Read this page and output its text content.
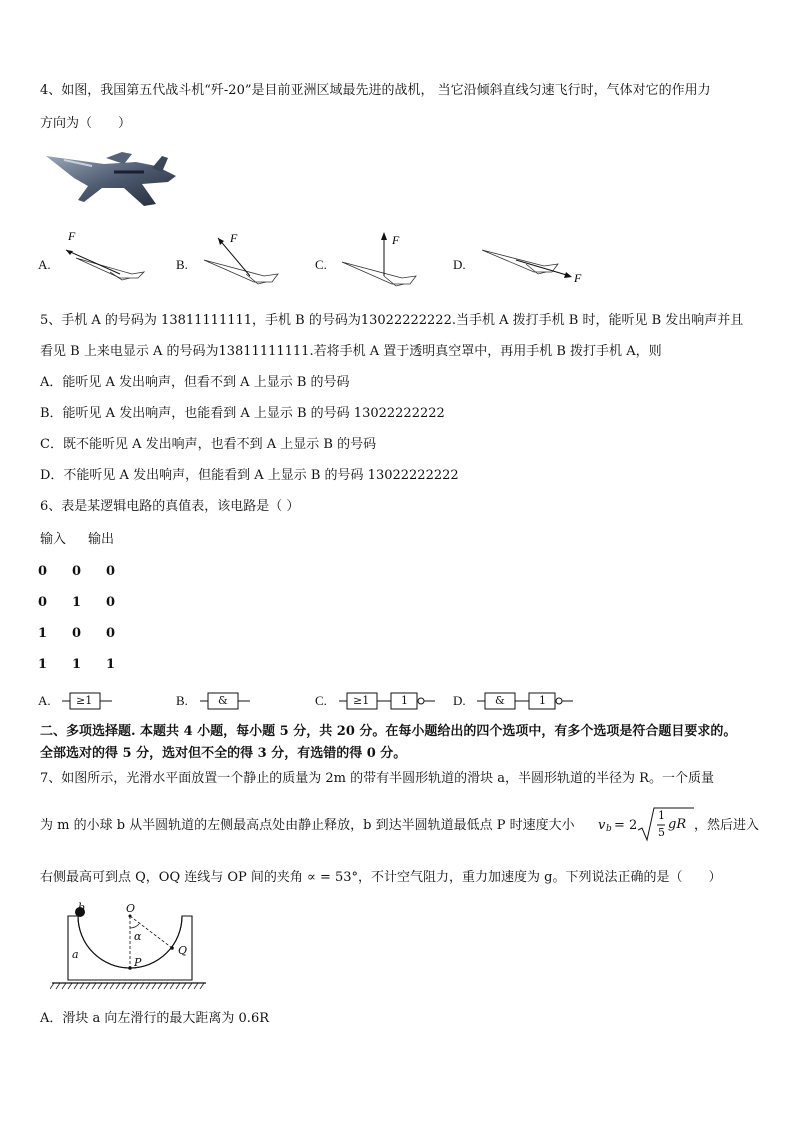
4、如图，我国第五代战斗机“歼-20”是目前亚洲区域最先进的战机， 当它沿倾斜直线匀速飞行时，气体对它的作用力
方向为（　　）
A.
F
B.
F
C.
F
D.
F
5、手机 A 的号码为 13811111111，手机 B 的号码为13022222222.当手机 A 拨打手机 B 时，能听见 B 发出响声并且
看见 B 上来电显示 A 的号码为13811111111.若将手机 A 置于透明真空罩中，再用手机 B 拨打手机 A，则
A．能听见 A 发出响声，但看不到 A 上显示 B 的号码
B．能听见 A 发出响声，也能看到 A 上显示 B 的号码 13022222222
C．既不能听见 A 发出响声，也看不到 A 上显示 B 的号码
D．不能听见 A 发出响声，但能看到 A 上显示 B 的号码 13022222222
6、表是某逻辑电路的真值表，该电路是（ ）
输入 输出
0 0 0
0 1 0
1 0 0
1 1 1
A. ≥1	B.	&	C. ≥1	1	D.	&	1
二、多项选择题. 本题共 4 小题，每小题 5 分，共 20 分。在每小题给出的四个选项中，有多个选项是符合题目要求的。
全部选对的得 5 分，选对但不全的得 3 分，有选错的得 0 分。
7、如图所示，光滑水平面放置一个静止的质量为 2m 的带有半圆形轨道的滑块 a，半圆形轨道的半径为 R。一个质量
为 m 的小球 b 从半圆轨道的左侧最高点处由静止释放，b 到达半圆轨道最低点 P 时速度大小 v b = 2
1
5
gR ，然后进入
右侧最高可到点 Q，OQ 连线与 OP 间的夹角 ∝ = 53°，不计空气阻力，重力加速度为 g。下列说法正确的是（　　）
b	O
a
α
P
Q
A．滑块 a 向左滑行的最大距离为 0.6R
